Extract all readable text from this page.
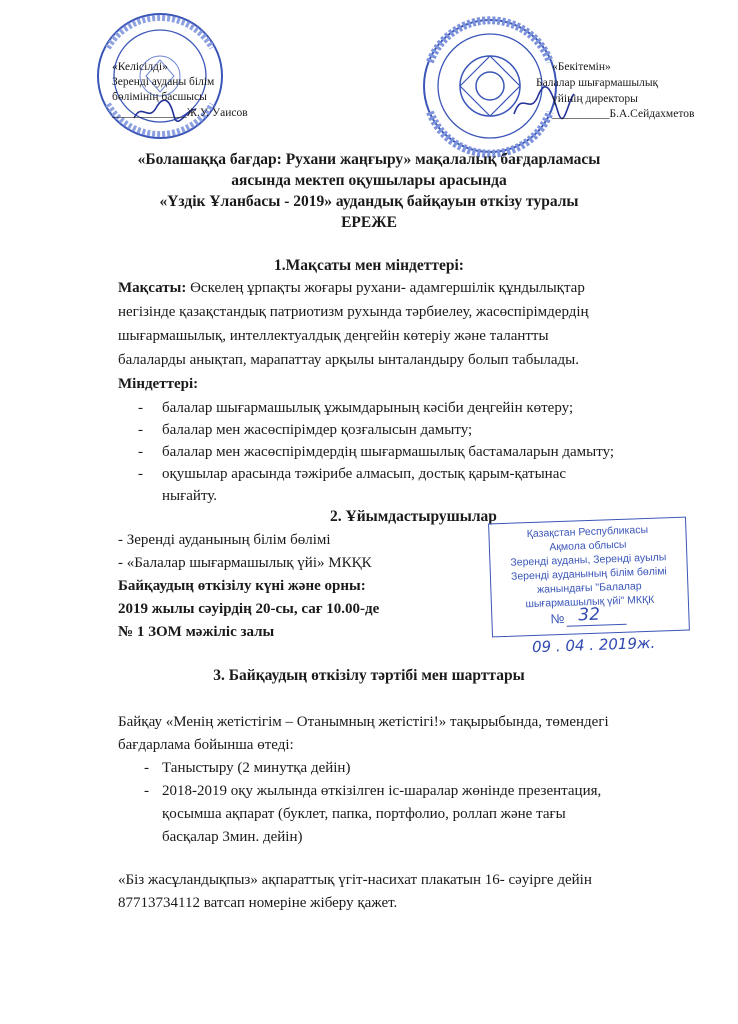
«Келісілді»
Зеренді ауданы білім
бөлімінің басшысы
_____________Ж.У. Уаисов
«Бекітемін»
Балалар шығармашылық
үйінің директоры
__________Б.А.Сейдахметов
«Болашаққа бағдар: Рухани жаңғыру» мақалалық бағдарламасы
аясында мектеп оқушылары арасында
«Үздік Ұланбасы - 2019» аудандық байқауын өткізу туралы
ЕРЕЖЕ
1.Мақсаты мен міндеттері:
Мақсаты: Өскелең ұрпақты жоғары рухани- адамгершілік құндылықтар
негізінде қазақстандық патриотизм рухында тәрбиелеу, жасөспірімдердің
шығармашылық, интеллектуалдық деңгейін көтеріу және талантты
балаларды анықтап, марапаттау арқылы ынталандыру болып табылады.
Міндеттері:
- балалар шығармашылық ұжымдарының кәсіби деңгейін көтеру;
- балалар мен жасөспірімдер қозғалысын дамыту;
- балалар мен жасөспірімдердің шығармашылық бастамаларын дамыту;
- оқушылар арасында тәжірибе алмасып, достық қарым-қатынас
нығайту.
2. Ұйымдастырушылар
- Зеренді ауданының білім бөлімі
- «Балалар шығармашылық үйі» МКҚК
Байқаудың өткізілу күні және орны:
2019 жылы сәуірдің 20-сы, сағ 10.00-де
№ 1 ЗОМ мәжіліс залы
Қазақстан Республикасы
Ақмола облысы
Зеренді ауданы, Зеренді ауылы
Зеренді ауданының білім бөлімі
жанындағы "Балалар
шығармашылық үйі" МКҚК
№ 32
09 . 04 . 2019ж.
3. Байқаудың өткізілу тәртібі мен шарттары
Байқау «Менің жетістігім – Отанымның жетістігі!» тақырыбында, төмендегі
бағдарлама бойынша өтеді:
- Таныстыру (2 минутқа дейін)
- 2018-2019 оқу жылында өткізілген іс-шаралар жөнінде презентация,
қосымша ақпарат (буклет, папка, портфолио, роллап және тағы
басқалар 3мин. дейін)
«Біз жасұландықпыз» ақпараттық үгіт-насихат плакатын 16- сәуірге дейін
87713734112 ватсап номеріне жіберу қажет.
